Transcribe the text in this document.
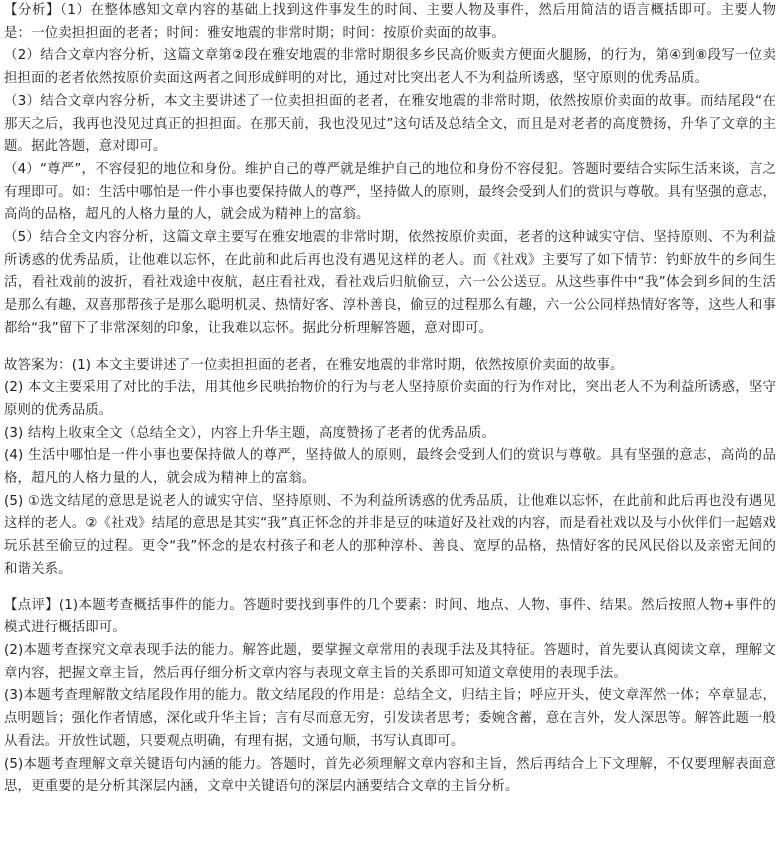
【分析】（1）在整体感知文章内容的基础上找到这件事发生的时间、主要人物及事件，然后用简洁的语言概括即可。主要人物是：一位卖担担面的老者；时间：雅安地震的非常时期；时间：按原价卖面的故事。

（2）结合文章内容分析，这篇文章第②段在雅安地震的非常时期很多乡民高价贩卖方便面火腿肠，的行为，第④到⑧段写一位卖担担面的老者依然按原价卖面这两者之间形成鲜明的对比，通过对比突出老人不为利益所诱惑，坚守原则的优秀品质。

（3）结合文章内容分析，本文主要讲述了一位卖担担面的老者，在雅安地震的非常时期，依然按原价卖面的故事。而结尾段“在那天之后，我再也没见过真正的担担面。在那天前，我也没见过”这句话及总结全文，而且是对老者的高度赞扬，升华了文章的主题。据此答题，意对即可。

（4）“尊严”，不容侵犯的地位和身份。维护自己的尊严就是维护自己的地位和身份不容侵犯。答题时要结合实际生活来谈，言之有理即可。如：生活中哪怕是一件小事也要保持做人的尊严，坚持做人的原则，最终会受到人们的赏识与尊敬。具有坚强的意志，高尚的品格，超凡的人格力量的人，就会成为精神上的富翁。

（5）结合全文内容分析，这篇文章主要写在雅安地震的非常时期，依然按原价卖面，老者的这种诚实守信、坚持原则、不为利益所诱惑的优秀品质，让他难以忘怀，在此前和此后再也没有遇见这样的老人。而《社戏》主要写了如下情节：钓虾放牛的乡间生活，看社戏前的波折，看社戏途中夜航，赵庄看社戏，看社戏后归航偷豆，六一公公送豆。从这些事件中“我”体会到乡间的生活是那么有趣，双喜那帮孩子是那么聪明机灵、热情好客、淳朴善良，偷豆的过程那么有趣，六一公公同样热情好客等，这些人和事都给“我”留下了非常深刻的印象，让我难以忘怀。据此分析理解答题，意对即可。

故答案为：(1) 本文主要讲述了一位卖担担面的老者，在雅安地震的非常时期，依然按原价卖面的故事。

(2) 本文主要采用了对比的手法，用其他乡民哄抬物价的行为与老人坚持原价卖面的行为作对比，突出老人不为利益所诱惑，坚守原则的优秀品质。

(3) 结构上收束全文（总结全文），内容上升华主题，高度赞扬了老者的优秀品质。

(4) 生活中哪怕是一件小事也要保持做人的尊严，坚持做人的原则，最终会受到人们的赏识与尊敬。具有坚强的意志，高尚的品格，超凡的人格力量的人，就会成为精神上的富翁。

(5) ①选文结尾的意思是说老人的诚实守信、坚持原则、不为利益所诱惑的优秀品质，让他难以忘怀，在此前和此后再也没有遇见这样的老人。②《社戏》结尾的意思是其实“我”真正怀念的并非是豆的味道好及社戏的内容，而是看社戏以及与小伙伴们一起嬉戏玩乐甚至偷豆的过程。更令“我”怀念的是农村孩子和老人的那种淳朴、善良、宽厚的品格，热情好客的民风民俗以及亲密无间的和谐关系。

【点评】(1)本题考查概括事件的能力。答题时要找到事件的几个要素：时间、地点、人物、事件、结果。然后按照人物+事件的模式进行概括即可。

(2)本题考查探究文章表现手法的能力。解答此题，要掌握文章常用的表现手法及其特征。答题时，首先要认真阅读文章，理解文章内容，把握文章主旨，然后再仔细分析文章内容与表现文章主旨的关系即可知道文章使用的表现手法。

(3)本题考查理解散文结尾段作用的能力。散文结尾段的作用是：总结全文，归结主旨；呼应开头，使文章浑然一体；卒章显志，点明题旨；强化作者情感，深化或升华主旨；言有尽而意无穷，引发读者思考；委婉含蓄，意在言外，发人深思等。解答此题一般从看法。开放性试题，只要观点明确，有理有据，文通句顺，书写认真即可。

(5)本题考查理解文章关键语句内涵的能力。答题时，首先必须理解文章内容和主旨，然后再结合上下文理解，不仅要理解表面意思，更重要的是分析其深层内涵，文章中关键语句的深层内涵要结合文章的主旨分析。
